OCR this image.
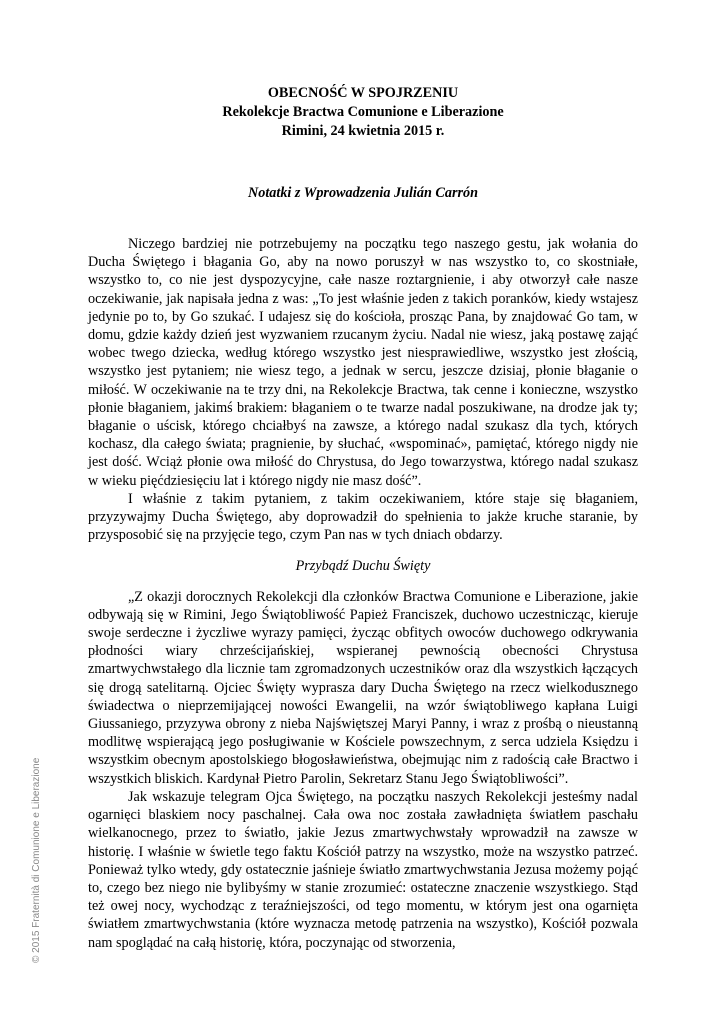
OBECNOŚĆ W SPOJRZENIU
Rekolekcje Bractwa Comunione e Liberazione
Rimini, 24 kwietnia 2015 r.
Notatki z Wprowadzenia Julián Carrón

Niczego bardziej nie potrzebujemy na początku tego naszego gestu, jak wołania do Ducha Świętego i błagania Go, aby na nowo poruszył w nas wszystko to, co skostniałe, wszystko to, co nie jest dyspozycyjne, całe nasze roztargnienie, i aby otworzył całe nasze oczekiwanie, jak napisała jedna z was: „To jest właśnie jeden z takich poranków, kiedy wstajesz jedynie po to, by Go szukać. I udajesz się do kościoła, prosząc Pana, by znajdować Go tam, w domu, gdzie każdy dzień jest wyzwaniem rzucanym życiu. Nadal nie wiesz, jaką postawę zająć wobec twego dziecka, według którego wszystko jest niesprawiedliwe, wszystko jest złością, wszystko jest pytaniem; nie wiesz tego, a jednak w sercu, jeszcze dzisiaj, płonie błaganie o miłość. W oczekiwanie na te trzy dni, na Rekolekcje Bractwa, tak cenne i konieczne, wszystko płonie błaganiem, jakimś brakiem: błaganiem o te twarze nadal poszukiwane, na drodze jak ty; błaganie o uścisk, którego chciałbyś na zawsze, a którego nadal szukasz dla tych, których kochasz, dla całego świata; pragnienie, by słuchać, «wspominać», pamiętać, którego nigdy nie jest dość. Wciąż płonie owa miłość do Chrystusa, do Jego towarzystwa, którego nadal szukasz w wieku pięćdziesięciu lat i którego nigdy nie masz dość”.

I właśnie z takim pytaniem, z takim oczekiwaniem, które staje się błaganiem, przyzywajmy Ducha Świętego, aby doprowadził do spełnienia to jakże kruche staranie, by przysposobić się na przyjęcie tego, czym Pan nas w tych dniach obdarzy.

Przybądź Duchu Święty

„Z okazji dorocznych Rekolekcji dla członków Bractwa Comunione e Liberazione, jakie odbywają się w Rimini, Jego Świątobliwość Papież Franciszek, duchowo uczestnicząc, kieruje swoje serdeczne i życzliwe wyrazy pamięci, życząc obfitych owoców duchowego odkrywania płodności wiary chrześcijańskiej, wspieranej pewnością obecności Chrystusa zmartwychwstałego dla licznie tam zgromadzonych uczestników oraz dla wszystkich łączących się drogą satelitarną. Ojciec Święty wyprasza dary Ducha Świętego na rzecz wielkodusznego świadectwa o nieprzemijającej nowości Ewangelii, na wzór świątobliwego kapłana Luigi Giussaniego, przyzywa obrony z nieba Najświętszej Maryi Panny, i wraz z prośbą o nieustanną modlitwę wspierającą jego posługiwanie w Kościele powszechnym, z serca udziela Księdzu i wszystkim obecnym apostolskiego błogosławieństwa, obejmując nim z radością całe Bractwo i wszystkich bliskich. Kardynał Pietro Parolin, Sekretarz Stanu Jego Świątobliwości”.

Jak wskazuje telegram Ojca Świętego, na początku naszych Rekolekcji jesteśmy nadal ogarnięci blaskiem nocy paschalnej. Cała owa noc została zawładnięta światłem paschału wielkanocnego, przez to światło, jakie Jezus zmartwychwstały wprowadził na zawsze w historię. I właśnie w świetle tego faktu Kościół patrzy na wszystko, może na wszystko patrzeć. Ponieważ tylko wtedy, gdy ostatecznie jaśnieje światło zmartwychwstania Jezusa możemy pojąć to, czego bez niego nie bylibyśmy w stanie zrozumieć: ostateczne znaczenie wszystkiego. Stąd też owej nocy, wychodząc z teraźniejszości, od tego momentu, w którym jest ona ogarnięta światłem zmartwychwstania (które wyznacza metodę patrzenia na wszystko), Kościół pozwala nam spoglądać na całą historię, która, poczynając od stworzenia,

© 2015 Fraternità di Comunione e Liberazione
